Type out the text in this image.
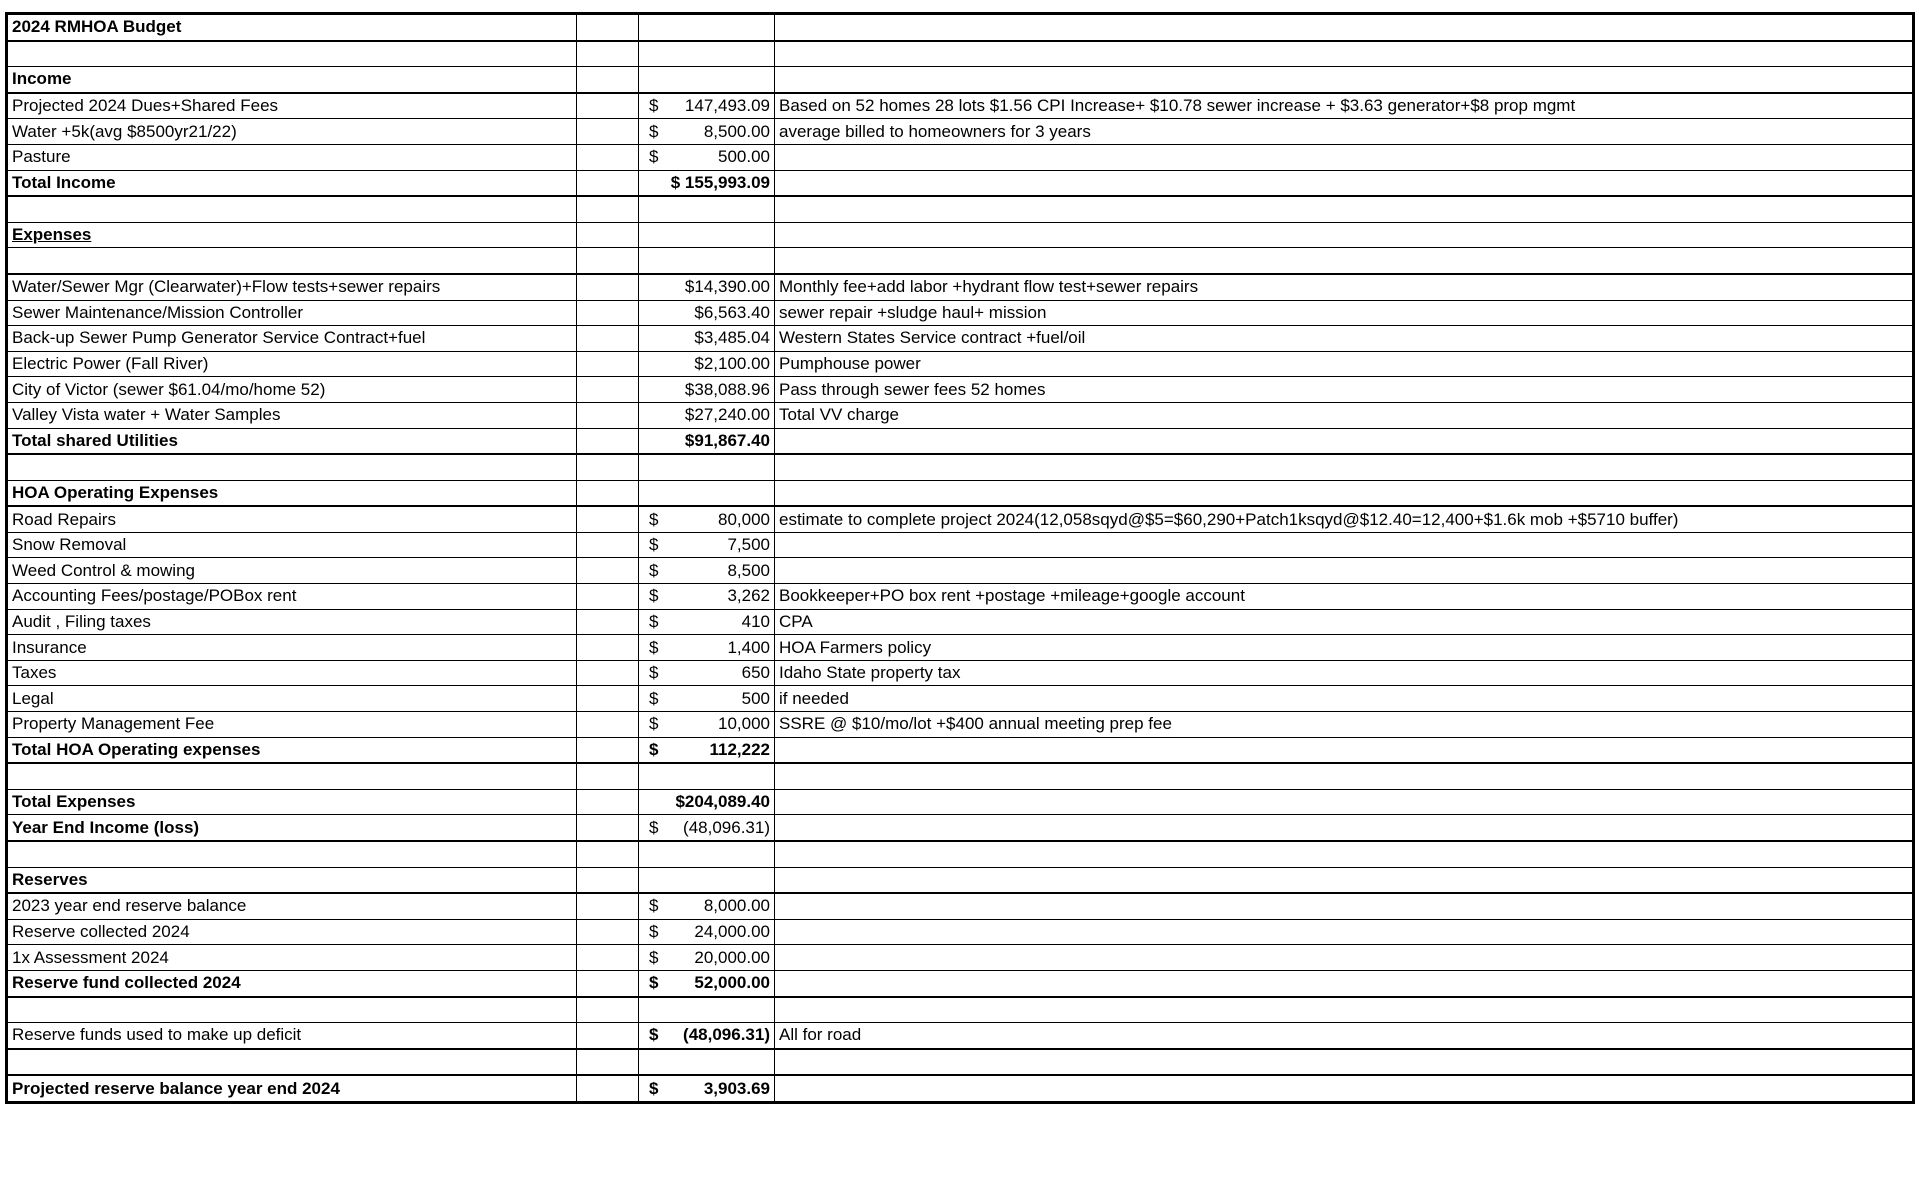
2024 RMHOA Budget		

Income		

Projected 2024 Dues+Shared Fees		$ 147,493.09	Based on 52 homes 28 lots $1.56 CPI Increase+ $10.78 sewer increase + $3.63 generator+$8 prop mgmt
Water +5k(avg $8500yr21/22)		$ 8,500.00	average billed to homeowners for 3 years
Pasture		$ 500.00	

Total Income		$ 155,993.09	

Expenses		

Water/Sewer Mgr (Clearwater)+Flow tests+sewer repairs		$14,390.00	Monthly fee+add labor +hydrant flow test+sewer repairs
Sewer Maintenance/Mission Controller		$6,563.40	sewer repair +sludge haul+ mission
Back-up Sewer Pump Generator Service Contract+fuel		$3,485.04	Western States Service contract +fuel/oil
Electric Power (Fall River)		$2,100.00	Pumphouse power
City of Victor (sewer $61.04/mo/home 52)		$38,088.96	Pass through sewer fees 52 homes
Valley Vista water + Water Samples		$27,240.00	Total VV charge
Total shared Utilities		$91,867.40	

HOA Operating Expenses		

Road Repairs		$ 80,000	estimate to complete project 2024(12,058sqyd@$5=$60,290+Patch1ksqyd@$12.40=12,400+$1.6k mob +$5710 buffer)
Snow Removal		$ 7,500	

Weed Control & mowing		$ 8,500	

Accounting Fees/postage/POBox rent		$ 3,262	Bookkeeper+PO box rent +postage +mileage+google account
Audit , Filing taxes		$ 410	CPA
Insurance		$ 1,400	HOA Farmers policy
Taxes		$ 650	Idaho State property tax
Legal		$ 500	if needed
Property Management Fee		$ 10,000	SSRE @ $10/mo/lot +$400 annual meeting prep fee
Total HOA Operating expenses		$ 112,222	

Total Expenses		$204,089.40	

Year End Income (loss)		$ (48,096.31)	

Reserves		

2023 year end reserve balance		$ 8,000.00	

Reserve collected 2024		$ 24,000.00	

1x Assessment 2024		$ 20,000.00	

Reserve fund collected 2024		$ 52,000.00	

Reserve funds used to make up deficit		$ (48,096.31)	All for road

Projected reserve balance year end 2024		$ 3,903.69	
